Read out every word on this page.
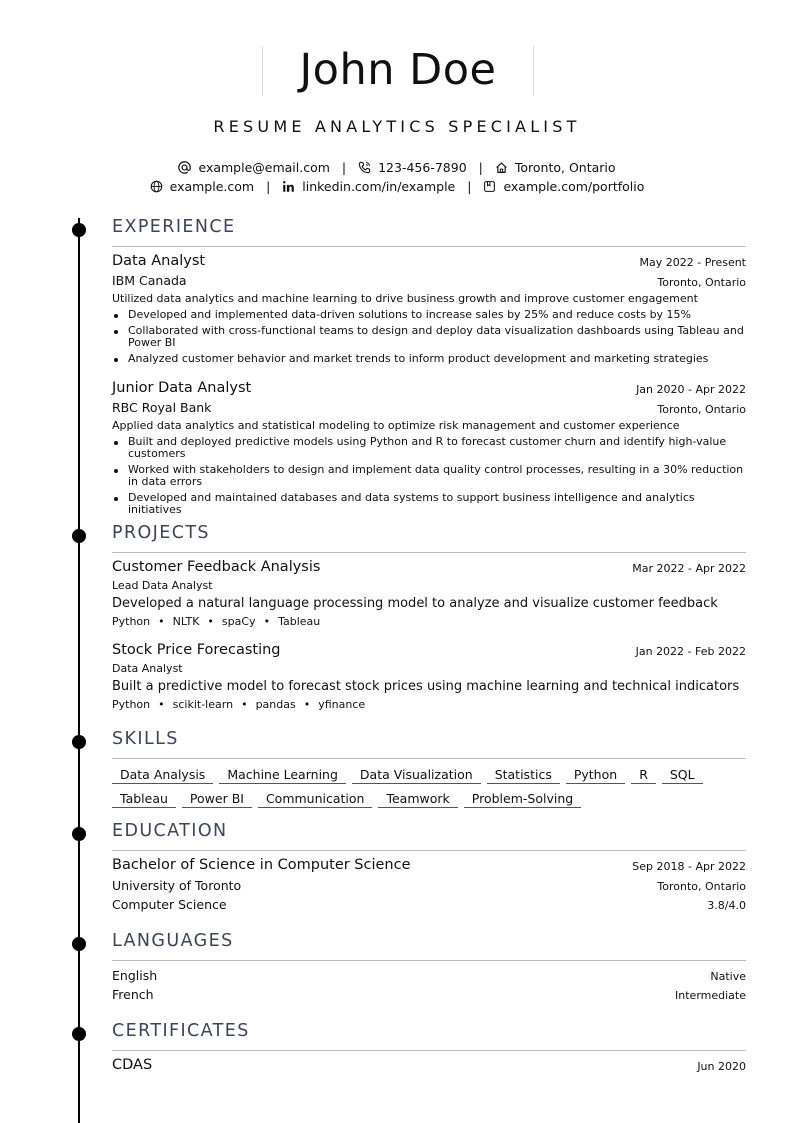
John Doe
RESUME ANALYTICS SPECIALIST
example@email.com |	123-456-7890 |	Toronto, Ontario
example.com |	linkedin.com/in/example |	example.com/portfolio
EXPERIENCE
Data Analyst	May 2022 - Present
IBM Canada	Toronto, Ontario
Utilized data analytics and machine learning to drive business growth and improve customer engagement
Developed and implemented data-driven solutions to increase sales by 25% and reduce costs by 15%
Collaborated with cross-functional teams to design and deploy data visualization dashboards using Tableau and Power BI
Analyzed customer behavior and market trends to inform product development and marketing strategies
Junior Data Analyst	Jan 2020 - Apr 2022
RBC Royal Bank	Toronto, Ontario
Applied data analytics and statistical modeling to optimize risk management and customer experience
Built and deployed predictive models using Python and R to forecast customer churn and identify high-value customers
Worked with stakeholders to design and implement data quality control processes, resulting in a 30% reduction in data errors
Developed and maintained databases and data systems to support business intelligence and analytics initiatives
PROJECTS
Customer Feedback Analysis	Mar 2022 - Apr 2022
Lead Data Analyst
Developed a natural language processing model to analyze and visualize customer feedback
Python • NLTK • spaCy • Tableau
Stock Price Forecasting	Jan 2022 - Feb 2022
Data Analyst
Built a predictive model to forecast stock prices using machine learning and technical indicators
Python • scikit-learn • pandas • yfinance
SKILLS
Data Analysis Machine Learning Data Visualization Statistics Python R SQL
Tableau Power BI Communication Teamwork Problem-Solving
EDUCATION
Bachelor of Science in Computer Science	Sep 2018 - Apr 2022
University of Toronto	Toronto, Ontario
Computer Science	3.8/4.0
LANGUAGES
English	Native
French	Intermediate
CERTIFICATES
CDAS	Jun 2020
